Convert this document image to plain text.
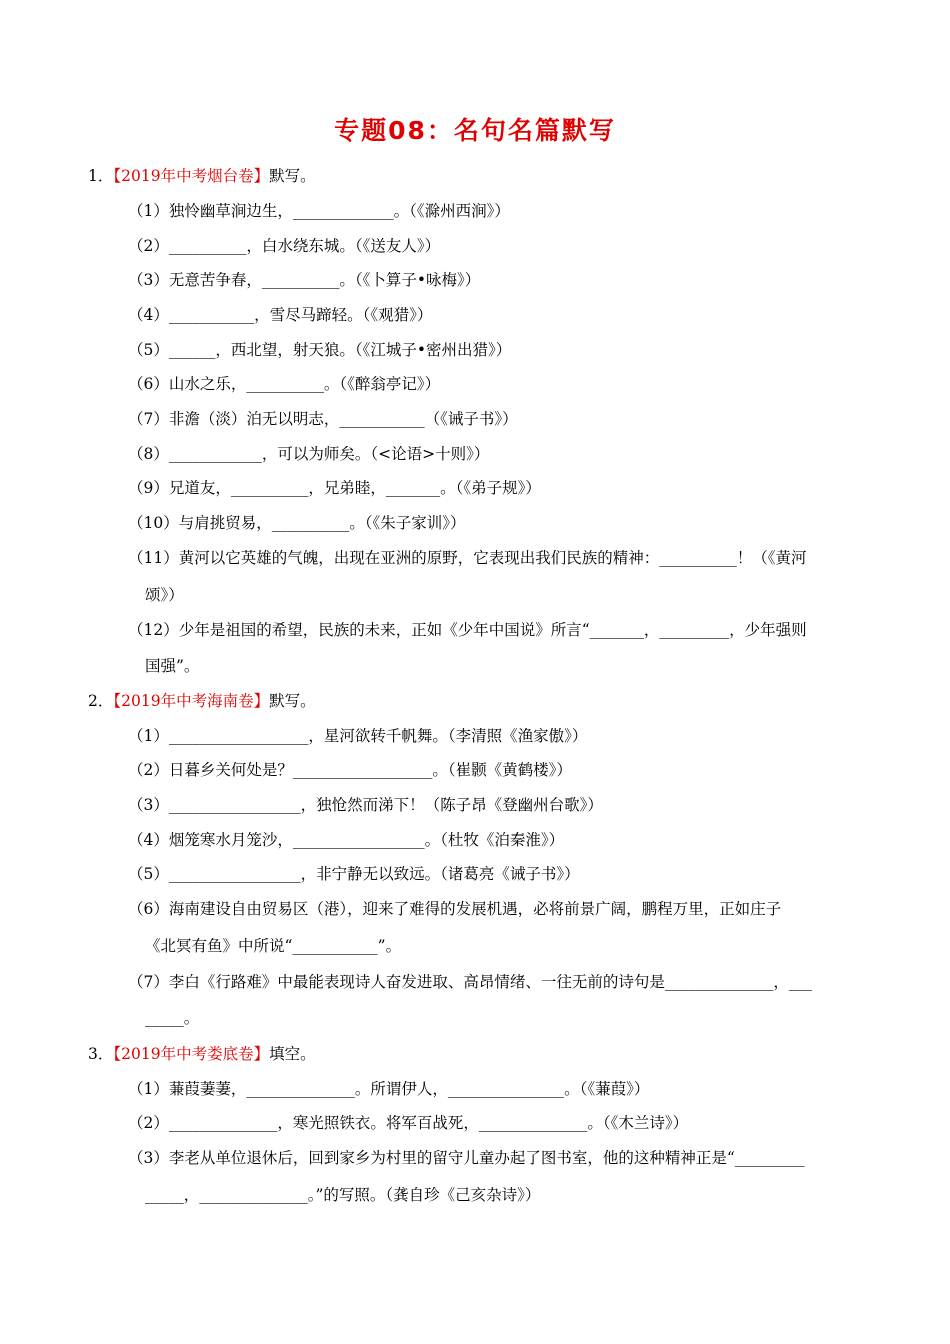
专题08：名句名篇默写
1．【2019年中考烟台卷】默写。
（1）独怜幽草涧边生，_____________。（《滁州西涧》）
（2）__________，白水绕东城。（《送友人》）
（3）无意苦争春，__________。（《卜算子•咏梅》）
（4）___________，雪尽马蹄轻。（《观猎》）
（5）______，西北望，射天狼。（《江城子•密州出猎》）
（6）山水之乐，__________。（《醉翁亭记》）
（7）非澹（淡）泊无以明志，___________（《诫子书》）
（8）____________，可以为师矣。（<论语>十则》）
（9）兄道友，__________，兄弟睦，_______。（《弟子规》）
（10）与肩挑贸易，__________。（《朱子家训》）
（11）黄河以它英雄的气魄，出现在亚洲的原野，它表现出我们民族的精神：__________！（《黄河
颂》）
（12）少年是祖国的希望，民族的未来，正如《少年中国说》所言“_______，_________，少年强则
国强”。
2．【2019年中考海南卷】默写。
（1）__________________，星河欲转千帆舞。（李清照《渔家傲》）
（2）日暮乡关何处是？__________________。（崔颢《黄鹤楼》）
（3）_________________，独怆然而涕下！（陈子昂《登幽州台歌》）
（4）烟笼寒水月笼沙，_________________。（杜牧《泊秦淮》）
（5）_________________，非宁静无以致远。（诸葛亮《诫子书》）
（6）海南建设自由贸易区（港），迎来了难得的发展机遇，必将前景广阔，鹏程万里，正如庄子
《北冥有鱼》中所说“___________”。
（7）李白《行路难》中最能表现诗人奋发进取、高昂情绪、一往无前的诗句是______________，___
_____。
3．【2019年中考娄底卷】填空。
（1）蒹葭萋萋，______________。所谓伊人，_______________。（《蒹葭》）
（2）______________，寒光照铁衣。将军百战死，______________。（《木兰诗》）
（3）李老从单位退休后，回到家乡为村里的留守儿童办起了图书室，他的这种精神正是“_________
_____，______________。”的写照。（龚自珍《己亥杂诗》）
